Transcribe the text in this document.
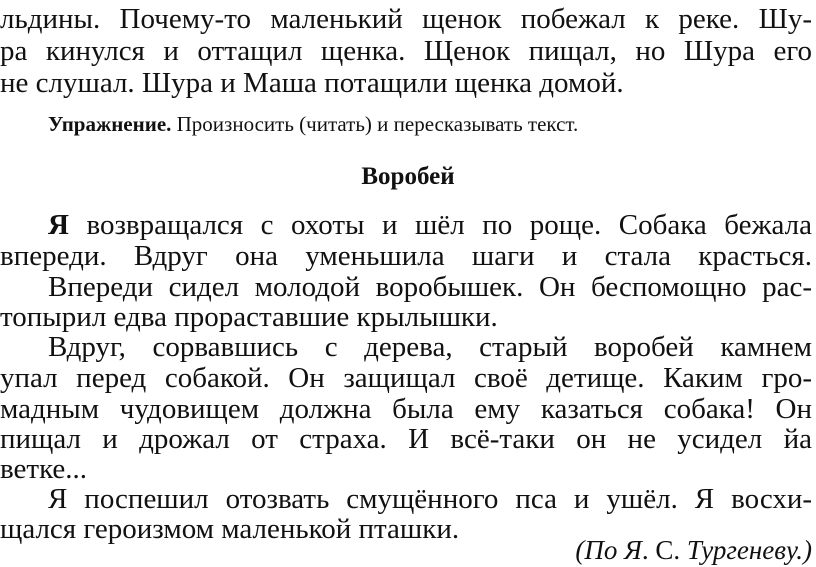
льдины. Почему-то маленький щенок побежал к реке. Шу-
ра кинулся и оттащил щенка. Щенок пищал, но Шура его
не слушал. Шура и Маша потащили щенка домой.
Упражнение. Произносить (читать) и пересказывать текст.
Воробей
Я возвращался с охоты и шёл по роще. Собака бежала
впереди. Вдруг она уменьшила шаги и стала красться.
Впереди сидел молодой воробышек. Он беспомощно рас-
топырил едва прораставшие крылышки.
Вдруг, сорвавшись с дерева, старый воробей камнем
упал перед собакой. Он защищал своё детище. Каким гро-
мадным чудовищем должна была ему казаться собака! Он
пищал и дрожал от страха. И всё-таки он не усидел йа
ветке...
Я поспешил отозвать смущённого пса и ушёл. Я восхи-
щался героизмом маленькой пташки.
(По Я. С. Тургеневу.)
